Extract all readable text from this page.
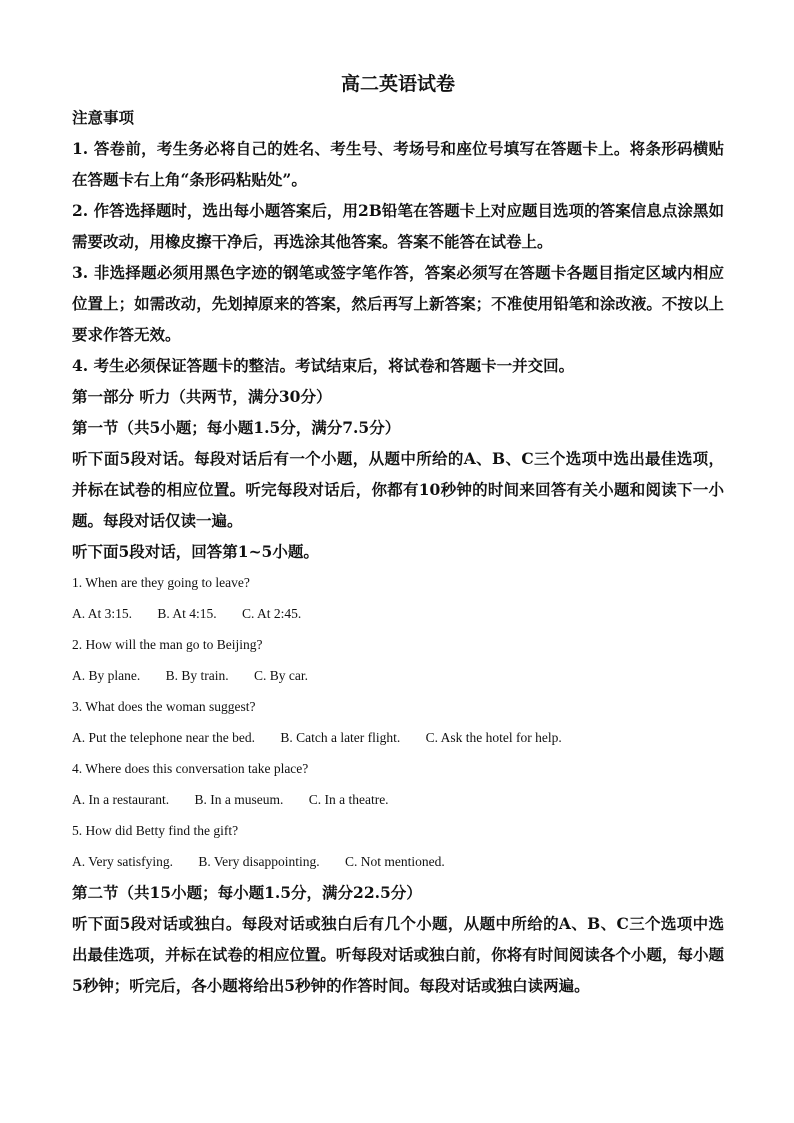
高二英语试卷

注意事项

1. 答卷前，考生务必将自己的姓名、考生号、考场号和座位号填写在答题卡上。将条形码横贴在答题卡右上角“条形码粘贴处”。

2. 作答选择题时，选出每小题答案后，用2B铅笔在答题卡上对应题目选项的答案信息点涂黑如需要改动，用橡皮擦干净后，再选涂其他答案。答案不能答在试卷上。

3. 非选择题必须用黑色字迹的钢笔或签字笔作答，答案必须写在答题卡各题目指定区域内相应位置上；如需改动，先划掉原来的答案，然后再写上新答案；不准使用铅笔和涂改液。不按以上要求作答无效。

4. 考生必须保证答题卡的整洁。考试结束后，将试卷和答题卡一并交回。

第一部分 听力（共两节，满分30分）

第一节（共5小题；每小题1.5分，满分7.5分）

听下面5段对话。每段对话后有一个小题，从题中所给的A、B、C三个选项中选出最佳选项，并标在试卷的相应位置。听完每段对话后，你都有10秒钟的时间来回答有关小题和阅读下一小题。每段对话仅读一遍。

听下面5段对话，回答第1~5小题。

1. When are they going to leave?

A. At 3:15. B. At 4:15. C. At 2:45.

2. How will the man go to Beijing?

A. By plane. B. By train. C. By car.

3. What does the woman suggest?

A. Put the telephone near the bed. B. Catch a later flight. C. Ask the hotel for help.

4. Where does this conversation take place?

A. In a restaurant. B. In a museum. C. In a theatre.

5. How did Betty find the gift?

A. Very satisfying. B. Very disappointing. C. Not mentioned.

第二节（共15小题；每小题1.5分，满分22.5分）

听下面5段对话或独白。每段对话或独白后有几个小题，从题中所给的A、B、C三个选项中选出最佳选项，并标在试卷的相应位置。听每段对话或独白前，你将有时间阅读各个小题，每小题5秒钟；听完后，各小题将给出5秒钟的作答时间。每段对话或独白读两遍。
